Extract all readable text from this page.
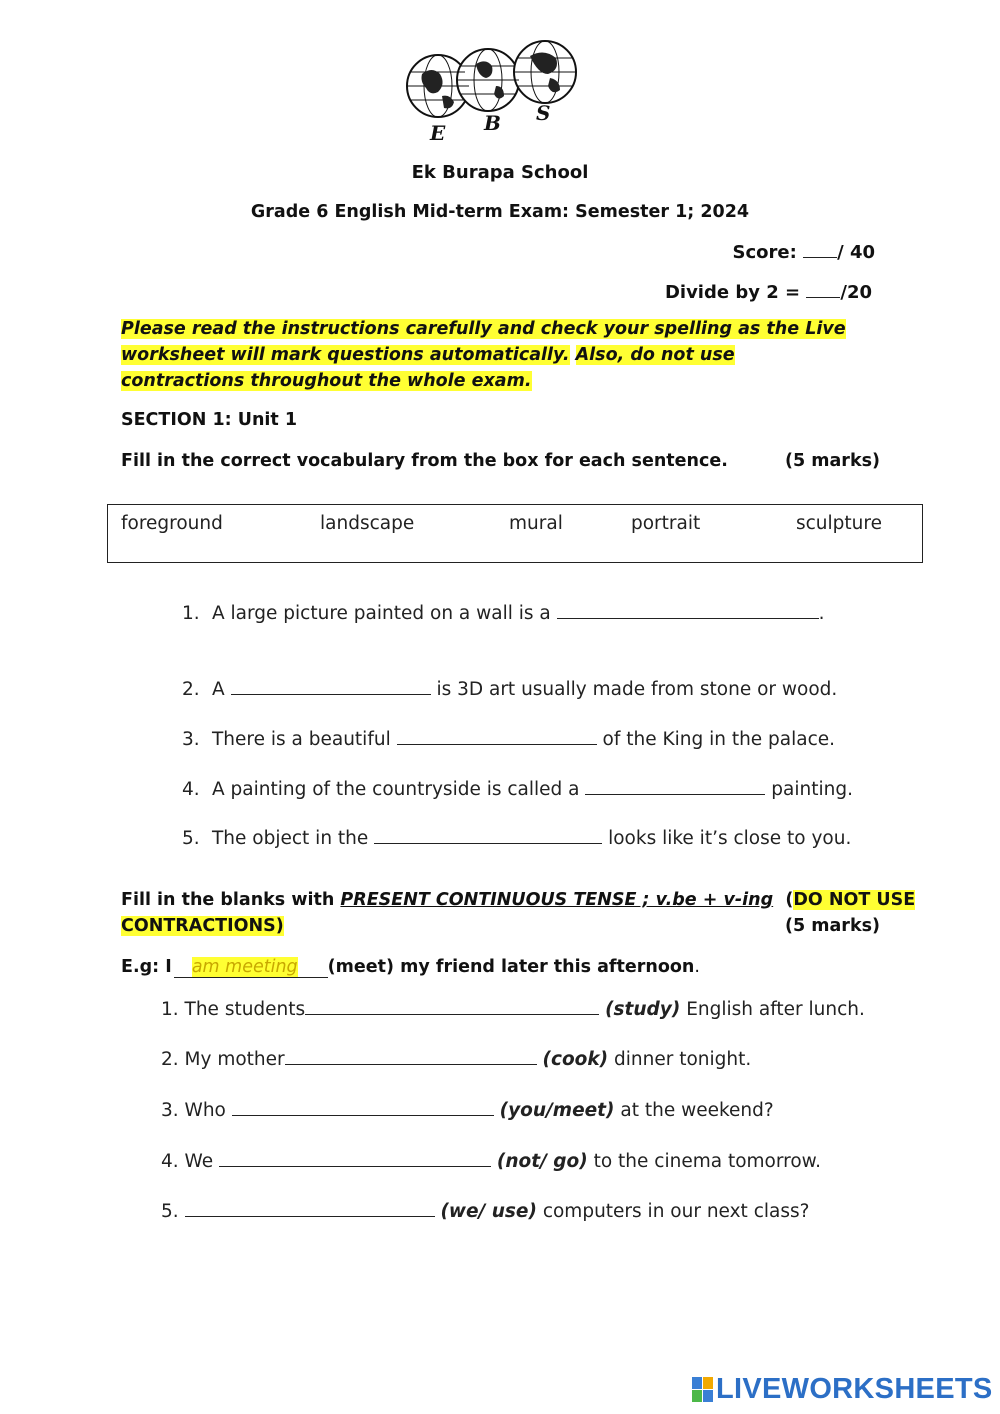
E B S
Ek Burapa School
Grade 6 English Mid-term Exam: Semester 1; 2024
Score: / 40
Divide by 2 = /20
Please read the instructions carefully and check your spelling as the Live worksheet will mark questions automatically. Also, do not use contractions throughout the whole exam.
SECTION 1: Unit 1
Fill in the correct vocabulary from the box for each sentence.	(5 marks)
foreground	landscape	mural	portrait	sculpture
1. A large picture painted on a wall is a	.
2. A	is 3D art usually made from stone or wood.
3. There is a beautiful	of the King in the palace.
4. A painting of the countryside is called a	painting.
5. The object in the	looks like it’s close to you.
Fill in the blanks with PRESENT CONTINUOUS TENSE ; v.be + v-ing (DO NOT USE
CONTRACTIONS)	(5 marks)
E.g: I am meeting (meet) my friend later this afternoon.
1. The students	(study) English after lunch.
2. My mother	(cook) dinner tonight.
3. Who	(you/meet) at the weekend?
4. We	(not/ go) to the cinema tomorrow.
5.	(we/ use) computers in our next class?
LIVEWORKSHEETS
